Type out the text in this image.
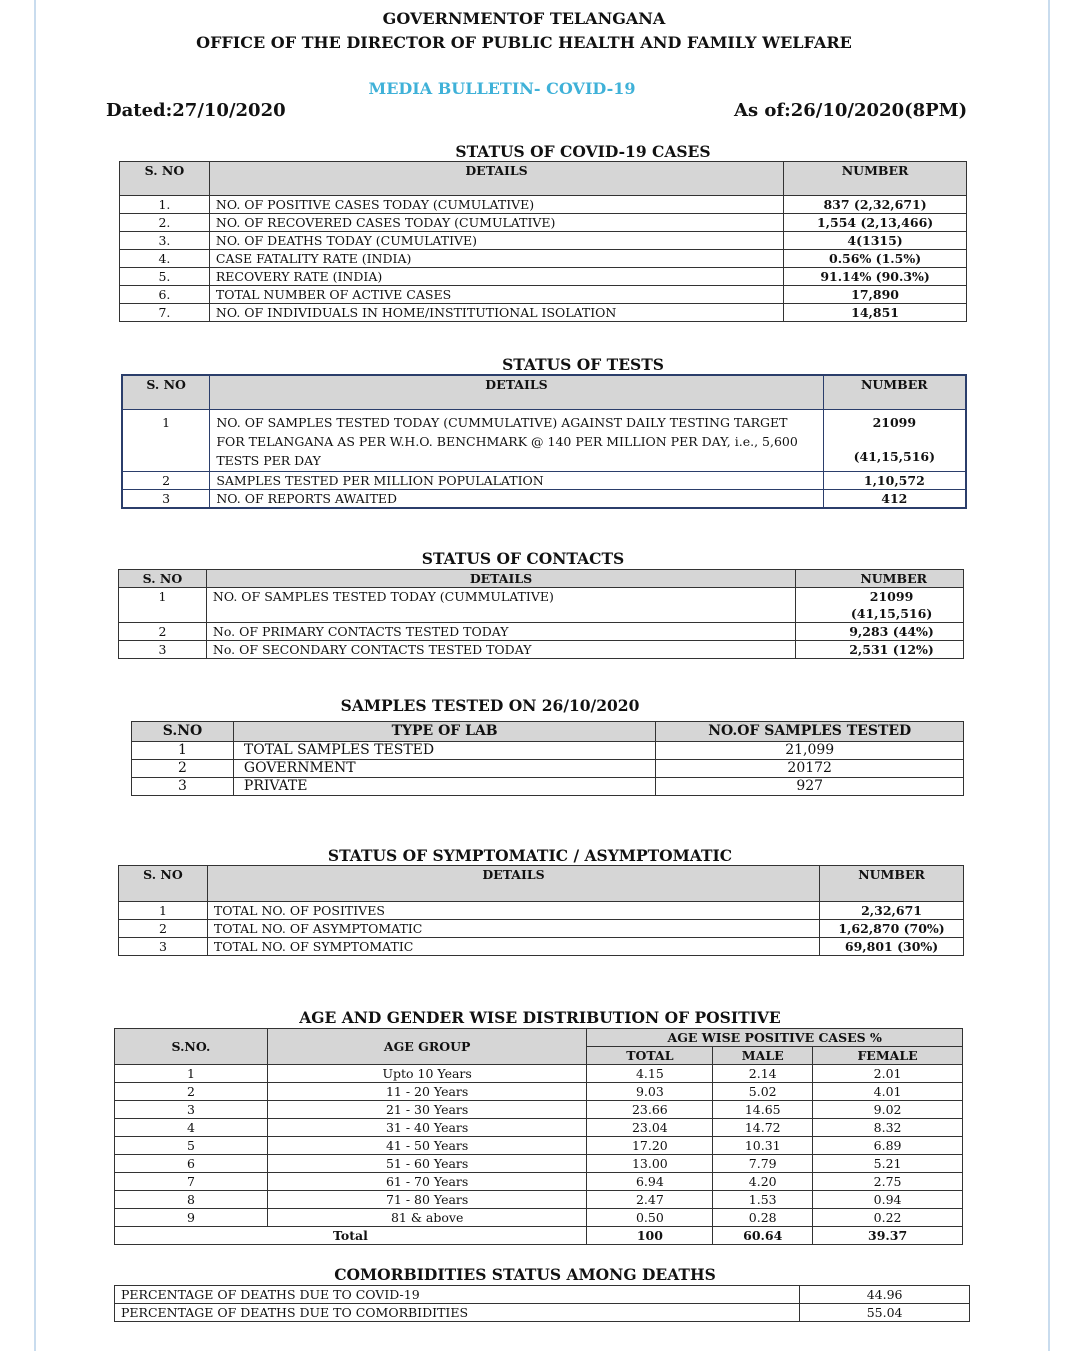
GOVERNMENTOF TELANGANA
OFFICE OF THE DIRECTOR OF PUBLIC HEALTH AND FAMILY WELFARE
MEDIA BULLETIN- COVID-19
Dated:27/10/2020	As of:26/10/2020(8PM)
STATUS OF COVID-19 CASES
S. NO	DETAILS	NUMBER
1.	NO. OF POSITIVE CASES TODAY (CUMULATIVE)	837 (2,32,671)
2.	NO. OF RECOVERED CASES TODAY (CUMULATIVE)	1,554 (2,13,466)
3.	NO. OF DEATHS TODAY (CUMULATIVE)	4(1315)
4.	CASE FATALITY RATE (INDIA)	0.56% (1.5%)
5.	RECOVERY RATE (INDIA)	91.14% (90.3%)
6.	TOTAL NUMBER OF ACTIVE CASES	17,890
7.	NO. OF INDIVIDUALS IN HOME/INSTITUTIONAL ISOLATION	14,851
STATUS OF TESTS
S. NO	DETAILS	NUMBER
1	NO. OF SAMPLES TESTED TODAY (CUMMULATIVE) AGAINST DAILY TESTING TARGET FOR TELANGANA AS PER W.H.O. BENCHMARK @ 140 PER MILLION PER DAY, i.e., 5,600 TESTS PER DAY	21099
(41,15,516)

2	SAMPLES TESTED PER MILLION POPULALATION	1,10,572
3	NO. OF REPORTS AWAITED	412
STATUS OF CONTACTS
S. NO	DETAILS	NUMBER
1	NO. OF SAMPLES TESTED TODAY (CUMMULATIVE)	21099
(41,15,516)

2	No. OF PRIMARY CONTACTS TESTED TODAY	9,283 (44%)
3	No. OF SECONDARY CONTACTS TESTED TODAY	2,531 (12%)
SAMPLES TESTED ON 26/10/2020
S.NO	TYPE OF LAB	NO.OF SAMPLES TESTED
1	TOTAL SAMPLES TESTED	21,099
2	GOVERNMENT	20172
3	PRIVATE	927
STATUS OF SYMPTOMATIC / ASYMPTOMATIC
S. NO	DETAILS	NUMBER
1	TOTAL NO. OF POSITIVES	2,32,671
2	TOTAL NO. OF ASYMPTOMATIC	1,62,870 (70%)
3	TOTAL NO. OF SYMPTOMATIC	69,801 (30%)
AGE AND GENDER WISE DISTRIBUTION OF POSITIVE
S.NO.	AGE GROUP	AGE WISE POSITIVE CASES %		
		TOTAL	MALE	FEMALE
1	Upto 10 Years	4.15	2.14	2.01
2	11 - 20 Years	9.03	5.02	4.01
3	21 - 30 Years	23.66	14.65	9.02
4	31 - 40 Years	23.04	14.72	8.32
5	41 - 50 Years	17.20	10.31	6.89
6	51 - 60 Years	13.00	7.79	5.21
7	61 - 70 Years	6.94	4.20	2.75
8	71 - 80 Years	2.47	1.53	0.94
9	81 & above	0.50	0.28	0.22
Total		100	60.64	39.37
COMORBIDITIES STATUS AMONG DEATHS
PERCENTAGE OF DEATHS DUE TO COVID-19	44.96
PERCENTAGE OF DEATHS DUE TO COMORBIDITIES	55.04
